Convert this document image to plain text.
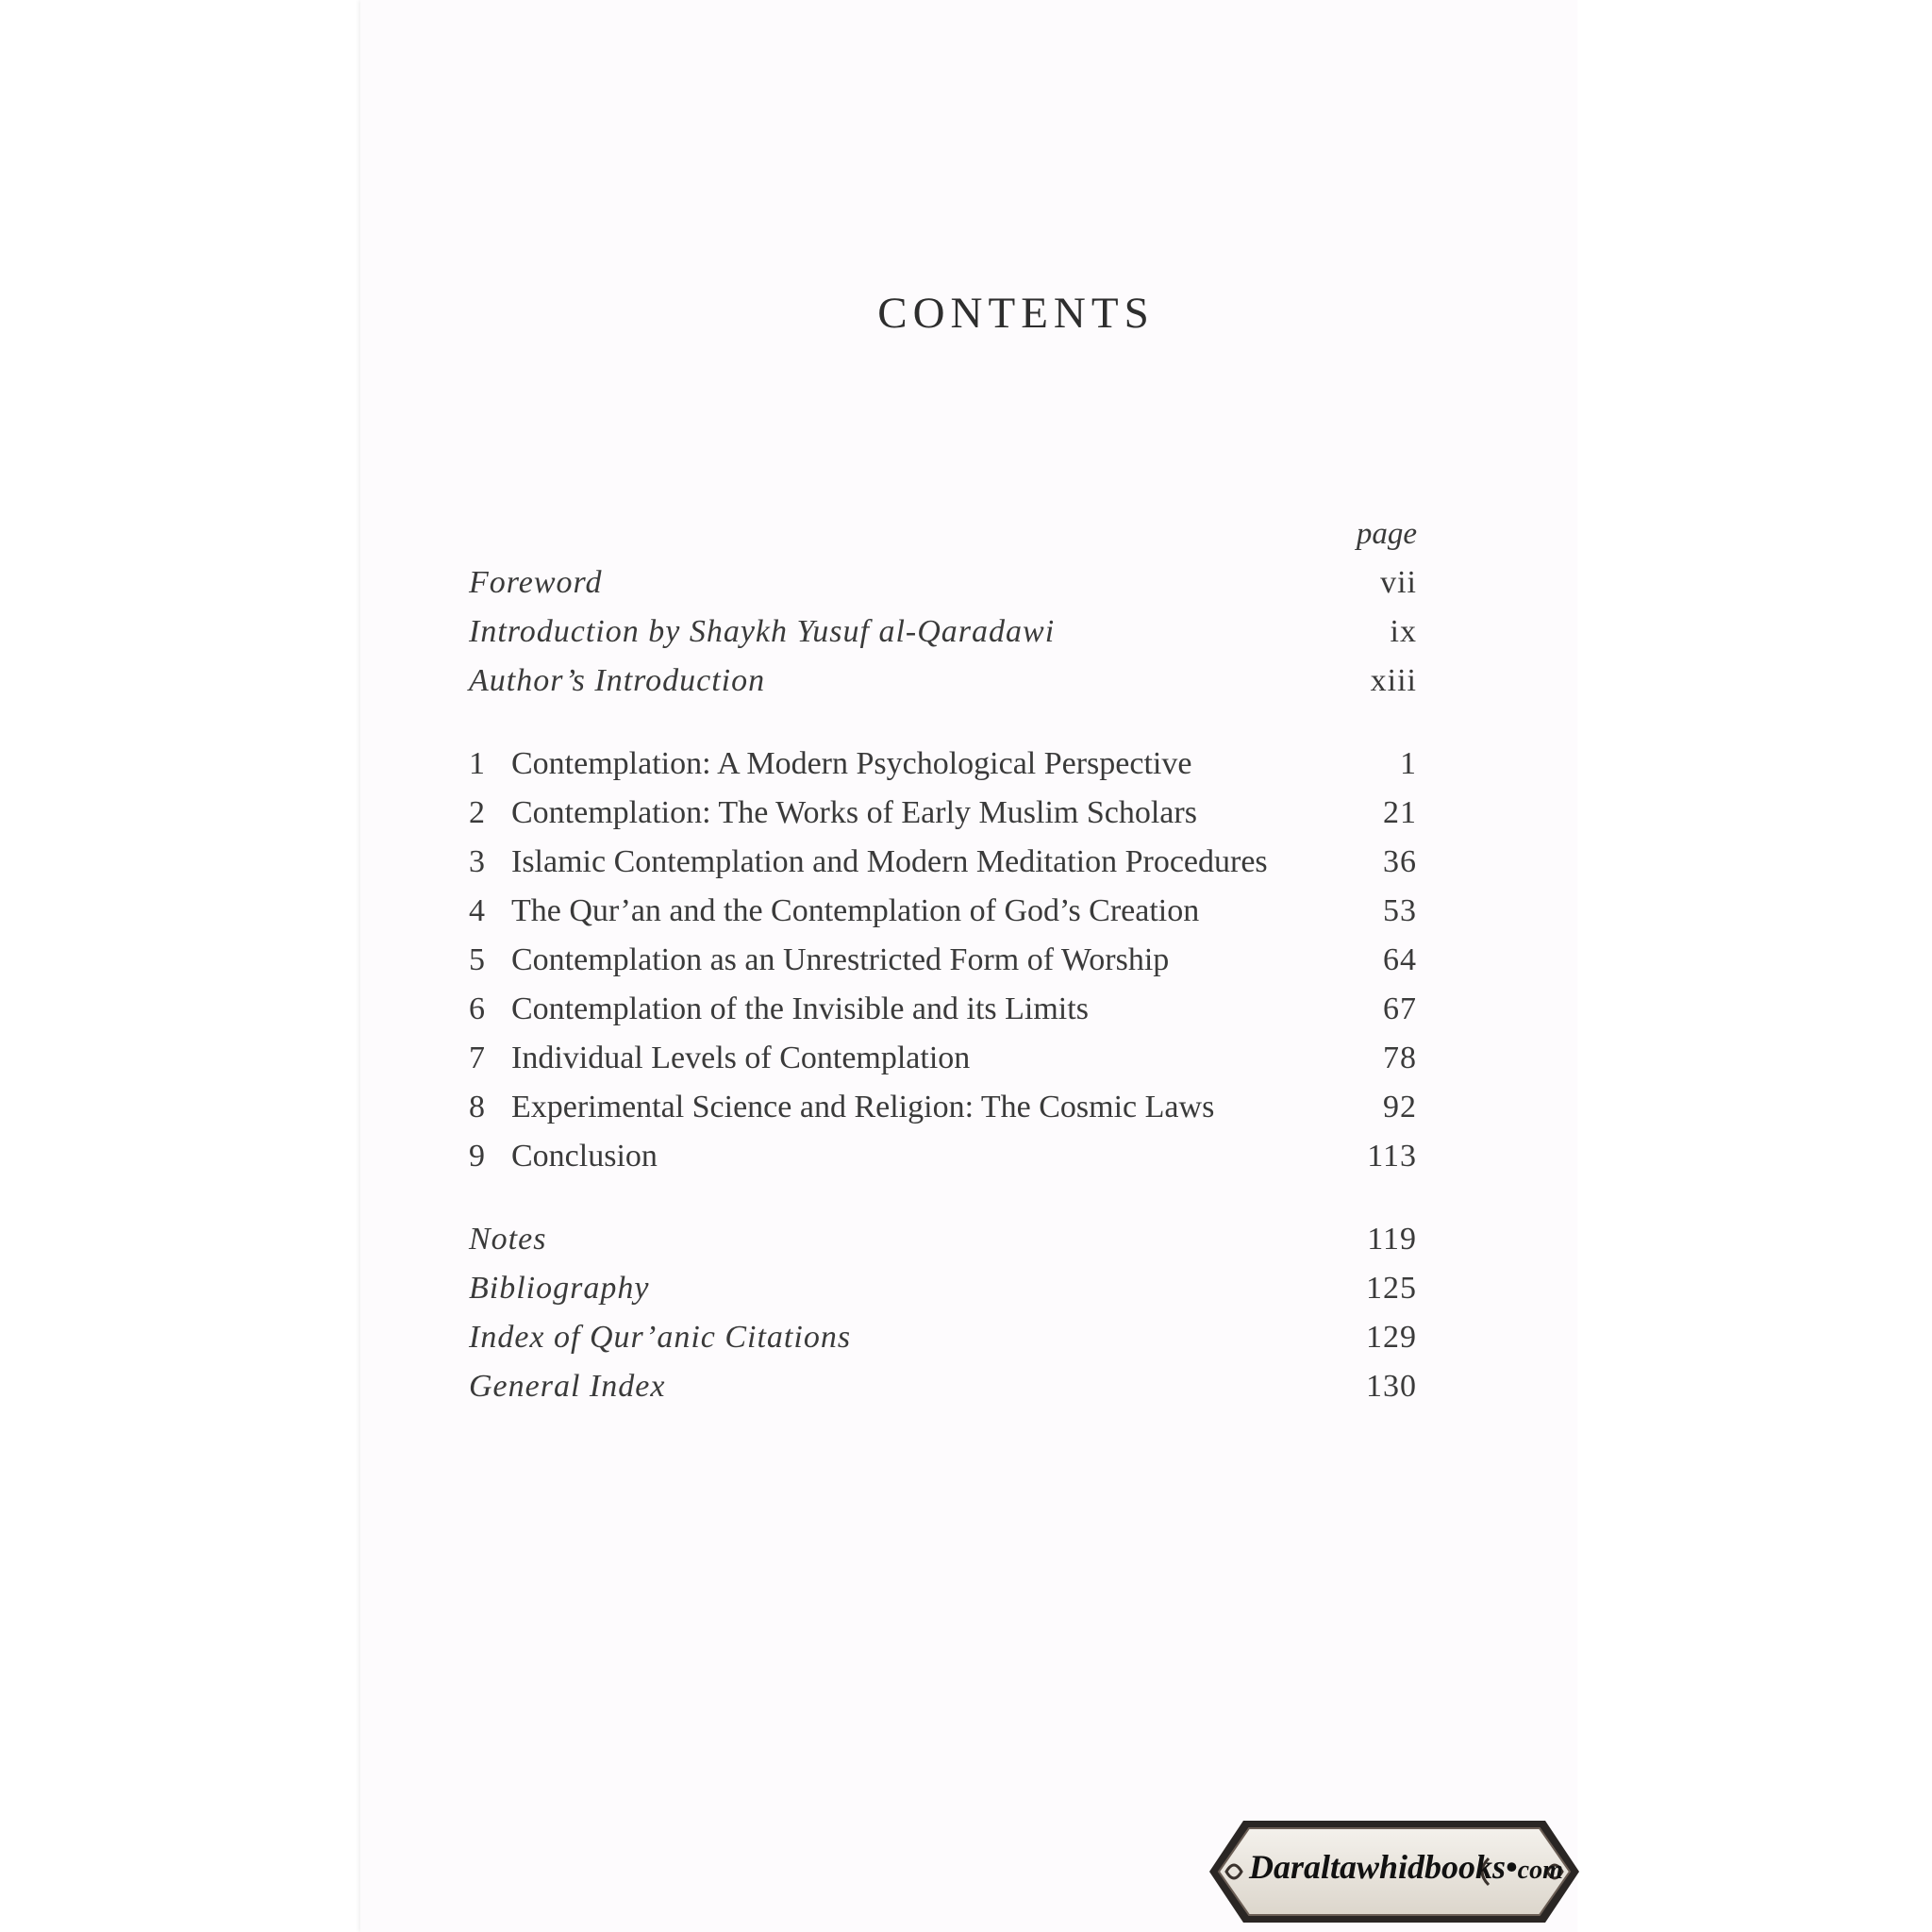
CONTENTS
page
Foreword	vii
Introduction by Shaykh Yusuf al-Qaradawi	ix
Author’s Introduction	xiii
1 Contemplation: A Modern Psychological Perspective	1
2 Contemplation: The Works of Early Muslim Scholars	21
3 Islamic Contemplation and Modern Meditation Procedures	36
4 The Qur’an and the Contemplation of God’s Creation	53
5 Contemplation as an Unrestricted Form of Worship	64
6 Contemplation of the Invisible and its Limits	67
7 Individual Levels of Contemplation	78
8 Experimental Science and Religion: The Cosmic Laws	92
9 Conclusion	113
Notes	119
Bibliography	125
Index of Qur’anic Citations	129
General Index	130
Daraltawhidbooks•com
